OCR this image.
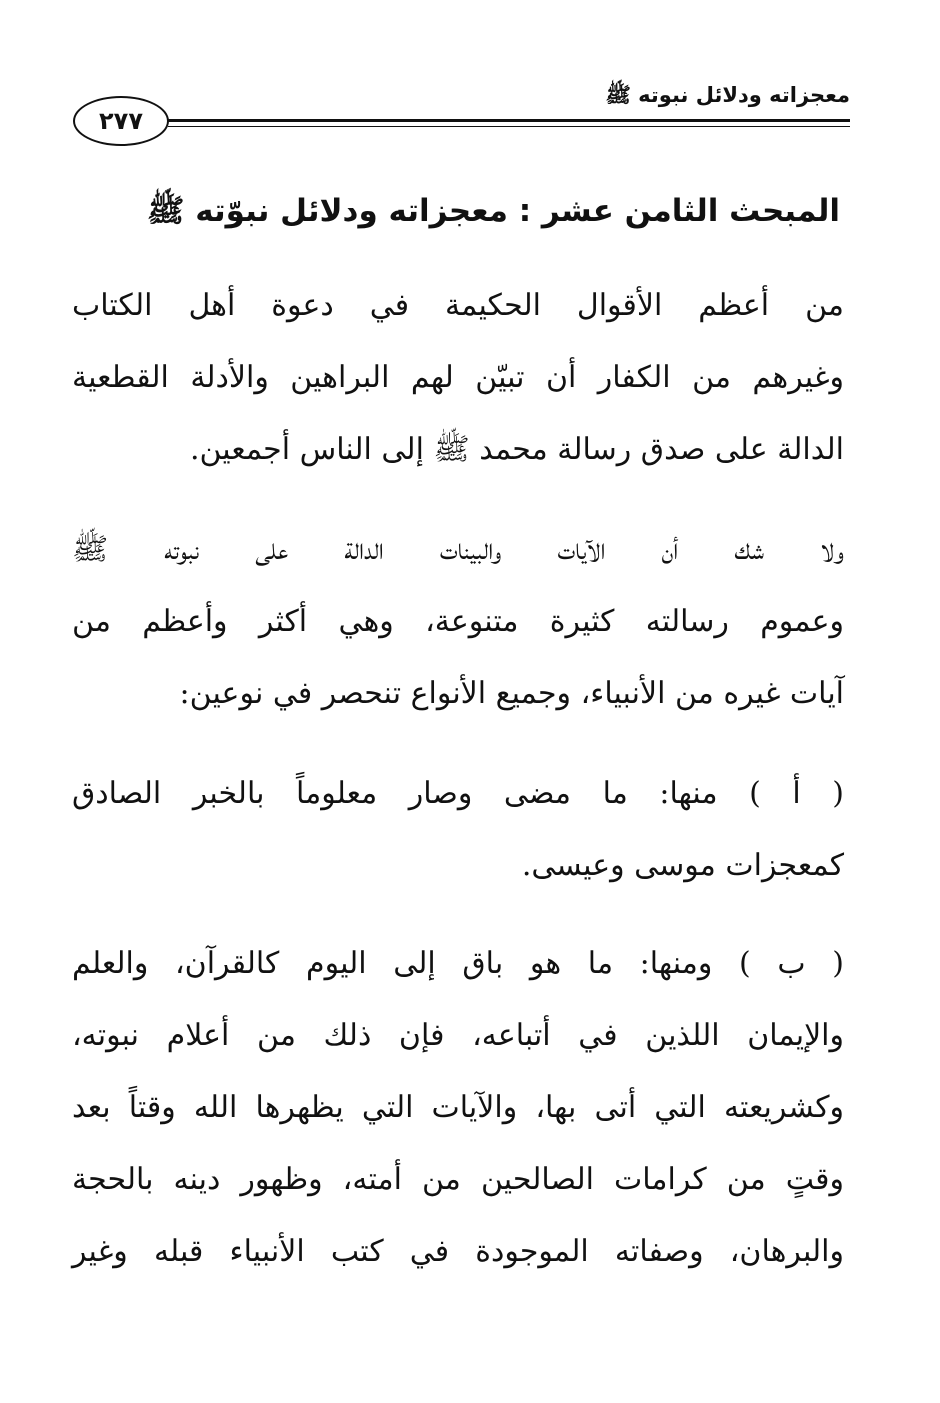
٢٧٧
معجزاته ودلائل نبوته ﷺ
المبحث الثامن عشر : معجزاته ودلائل نبوّته ﷺ
من أعظم الأقوال الحكيمة في دعوة أهل الكتاب
وغيرهم من الكفار أن تبيّن لهم البراهين والأدلة القطعية
الدالة على صدق رسالة محمد ﷺ إلى الناس أجمعين.
ولا شك أن الآيات والبينات الدالة على نبوته ﷺ
وعموم رسالته كثيرة متنوعة، وهي أكثر وأعظم من
آيات غيره من الأنبياء، وجميع الأنواع تنحصر في نوعين:
( أ ) منها: ما مضى وصار معلوماً بالخبر الصادق
كمعجزات موسى وعيسى.
( ب ) ومنها: ما هو باق إلى اليوم كالقرآن، والعلم
والإيمان اللذين في أتباعه، فإن ذلك من أعلام نبوته،
وكشريعته التي أتى بها، والآيات التي يظهرها الله وقتاً بعد
وقتٍ من كرامات الصالحين من أمته، وظهور دينه بالحجة
والبرهان، وصفاته الموجودة في كتب الأنبياء قبله وغير
